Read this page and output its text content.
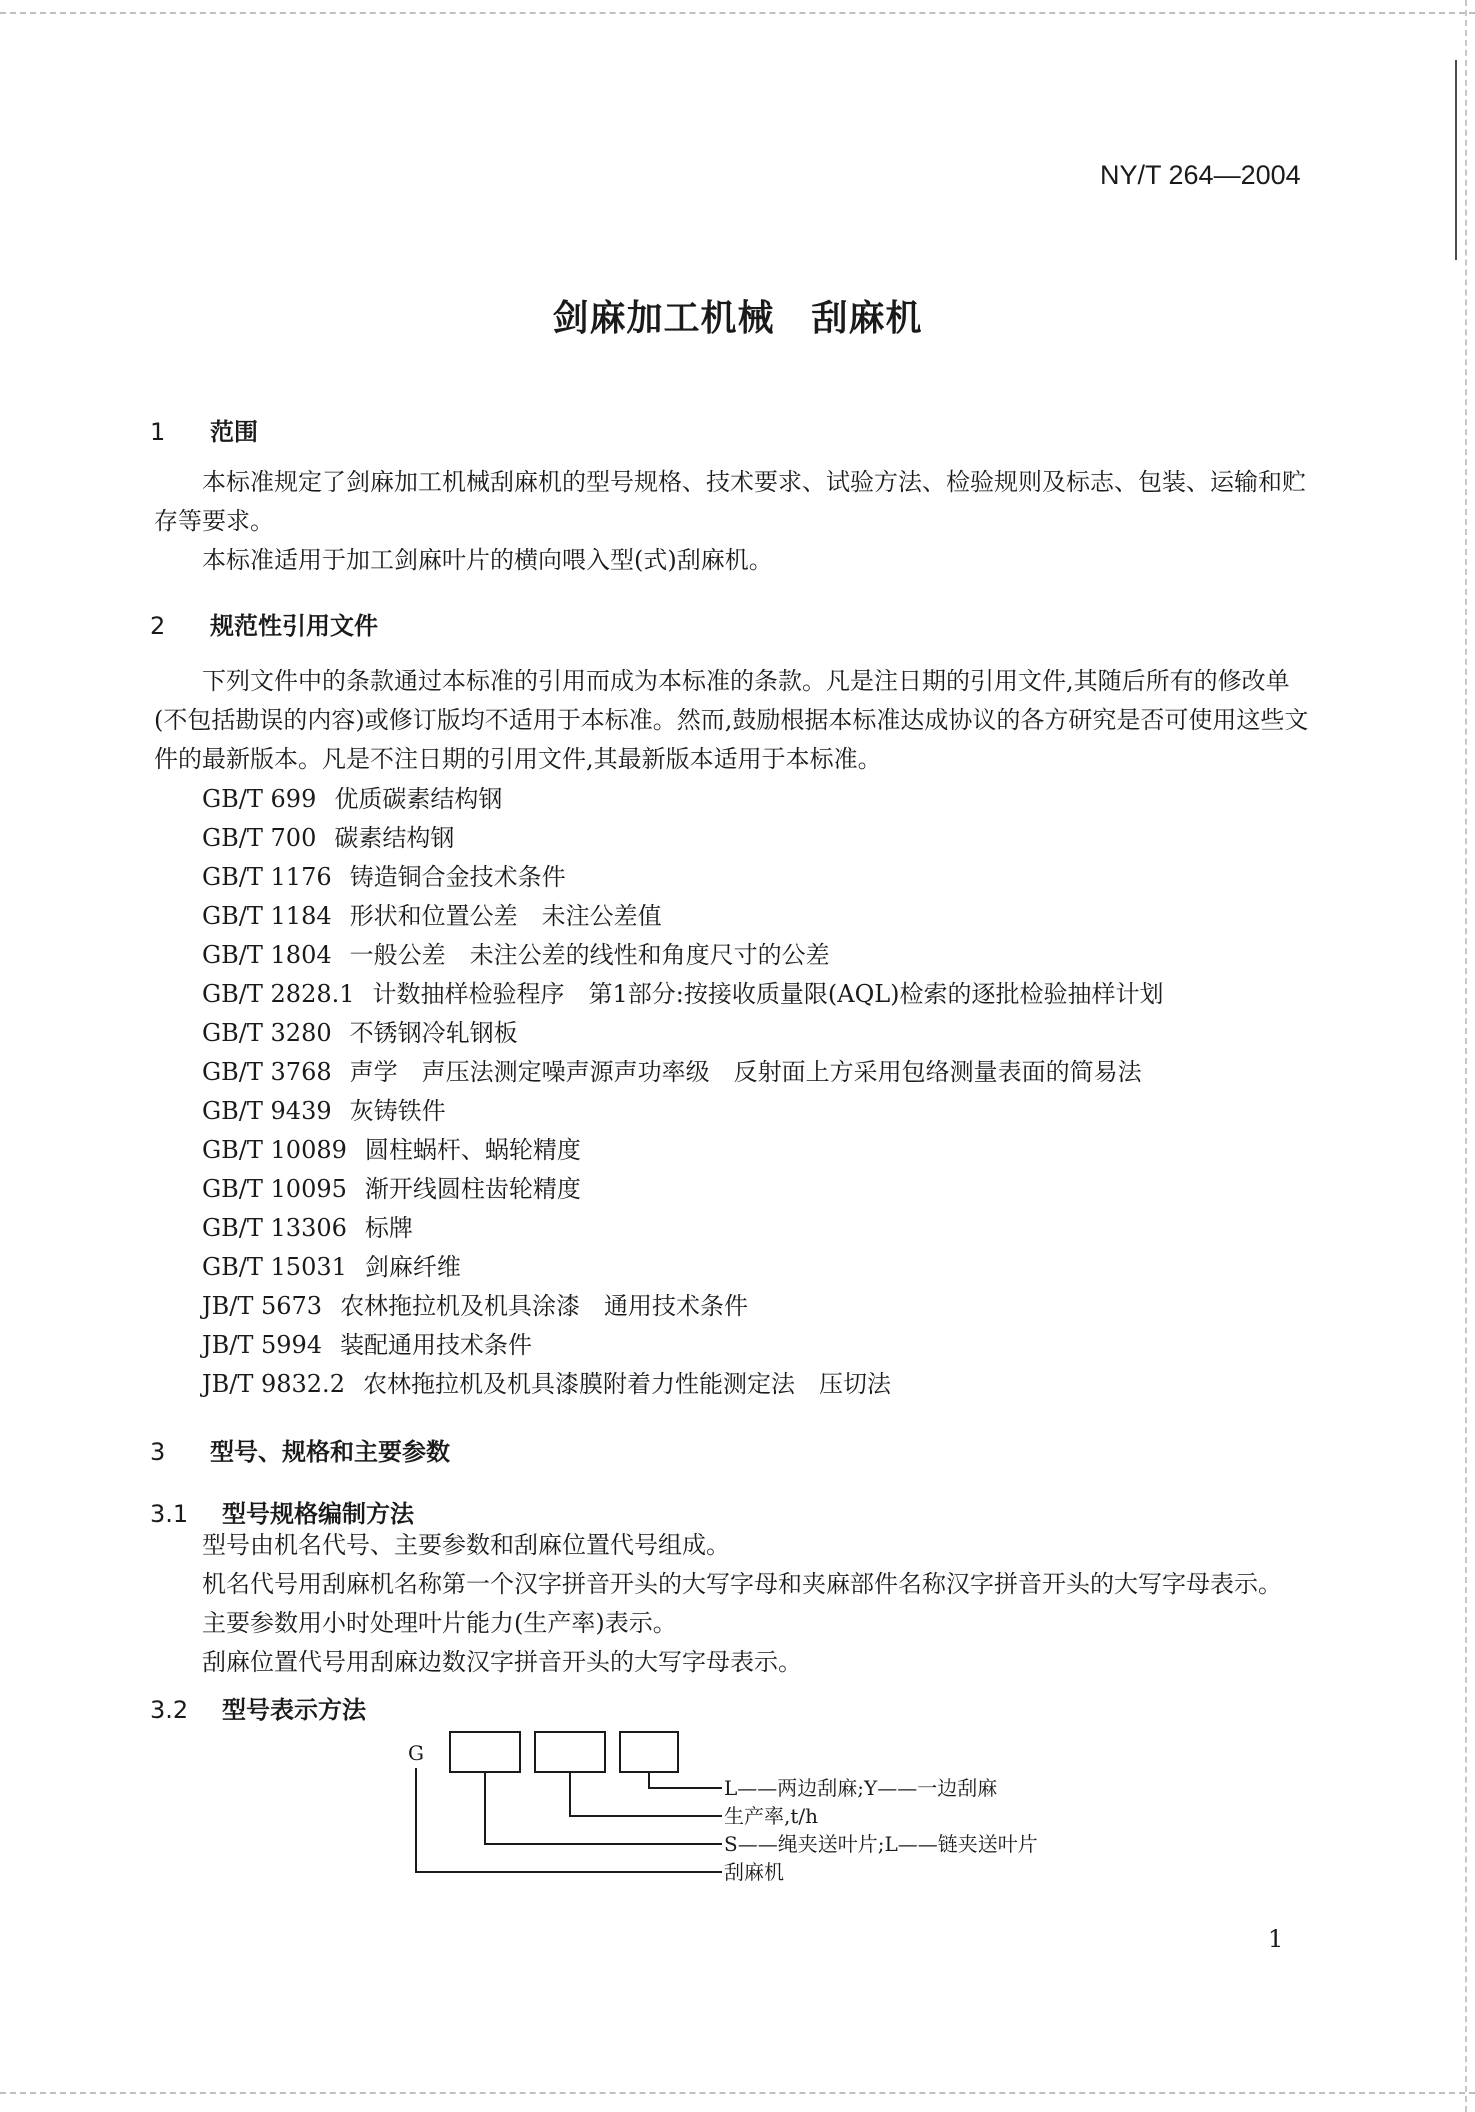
NY/T 264—2004
剑麻加工机械　刮麻机
1 范围
本标准规定了剑麻加工机械刮麻机的型号规格、技术要求、试验方法、检验规则及标志、包装、运输和贮存等要求。
本标准适用于加工剑麻叶片的横向喂入型(式)刮麻机。
2 规范性引用文件
下列文件中的条款通过本标准的引用而成为本标准的条款。凡是注日期的引用文件,其随后所有的修改单(不包括勘误的内容)或修订版均不适用于本标准。然而,鼓励根据本标准达成协议的各方研究是否可使用这些文件的最新版本。凡是不注日期的引用文件,其最新版本适用于本标准。
GB/T 699 优质碳素结构钢
GB/T 700 碳素结构钢
GB/T 1176 铸造铜合金技术条件
GB/T 1184 形状和位置公差　未注公差值
GB/T 1804 一般公差　未注公差的线性和角度尺寸的公差
GB/T 2828.1 计数抽样检验程序　第1部分:按接收质量限(AQL)检索的逐批检验抽样计划
GB/T 3280 不锈钢冷轧钢板
GB/T 3768 声学　声压法测定噪声源声功率级　反射面上方采用包络测量表面的简易法
GB/T 9439 灰铸铁件
GB/T 10089 圆柱蜗杆、蜗轮精度
GB/T 10095 渐开线圆柱齿轮精度
GB/T 13306 标牌
GB/T 15031 剑麻纤维
JB/T 5673 农林拖拉机及机具涂漆　通用技术条件
JB/T 5994 装配通用技术条件
JB/T 9832.2 农林拖拉机及机具漆膜附着力性能测定法　压切法
3 型号、规格和主要参数
3.1 型号规格编制方法
型号由机名代号、主要参数和刮麻位置代号组成。
机名代号用刮麻机名称第一个汉字拼音开头的大写字母和夹麻部件名称汉字拼音开头的大写字母表示。
主要参数用小时处理叶片能力(生产率)表示。
刮麻位置代号用刮麻边数汉字拼音开头的大写字母表示。
3.2 型号表示方法
G
L——两边刮麻;Y——一边刮麻
生产率,t/h
S——绳夹送叶片;L——链夹送叶片
刮麻机
1
